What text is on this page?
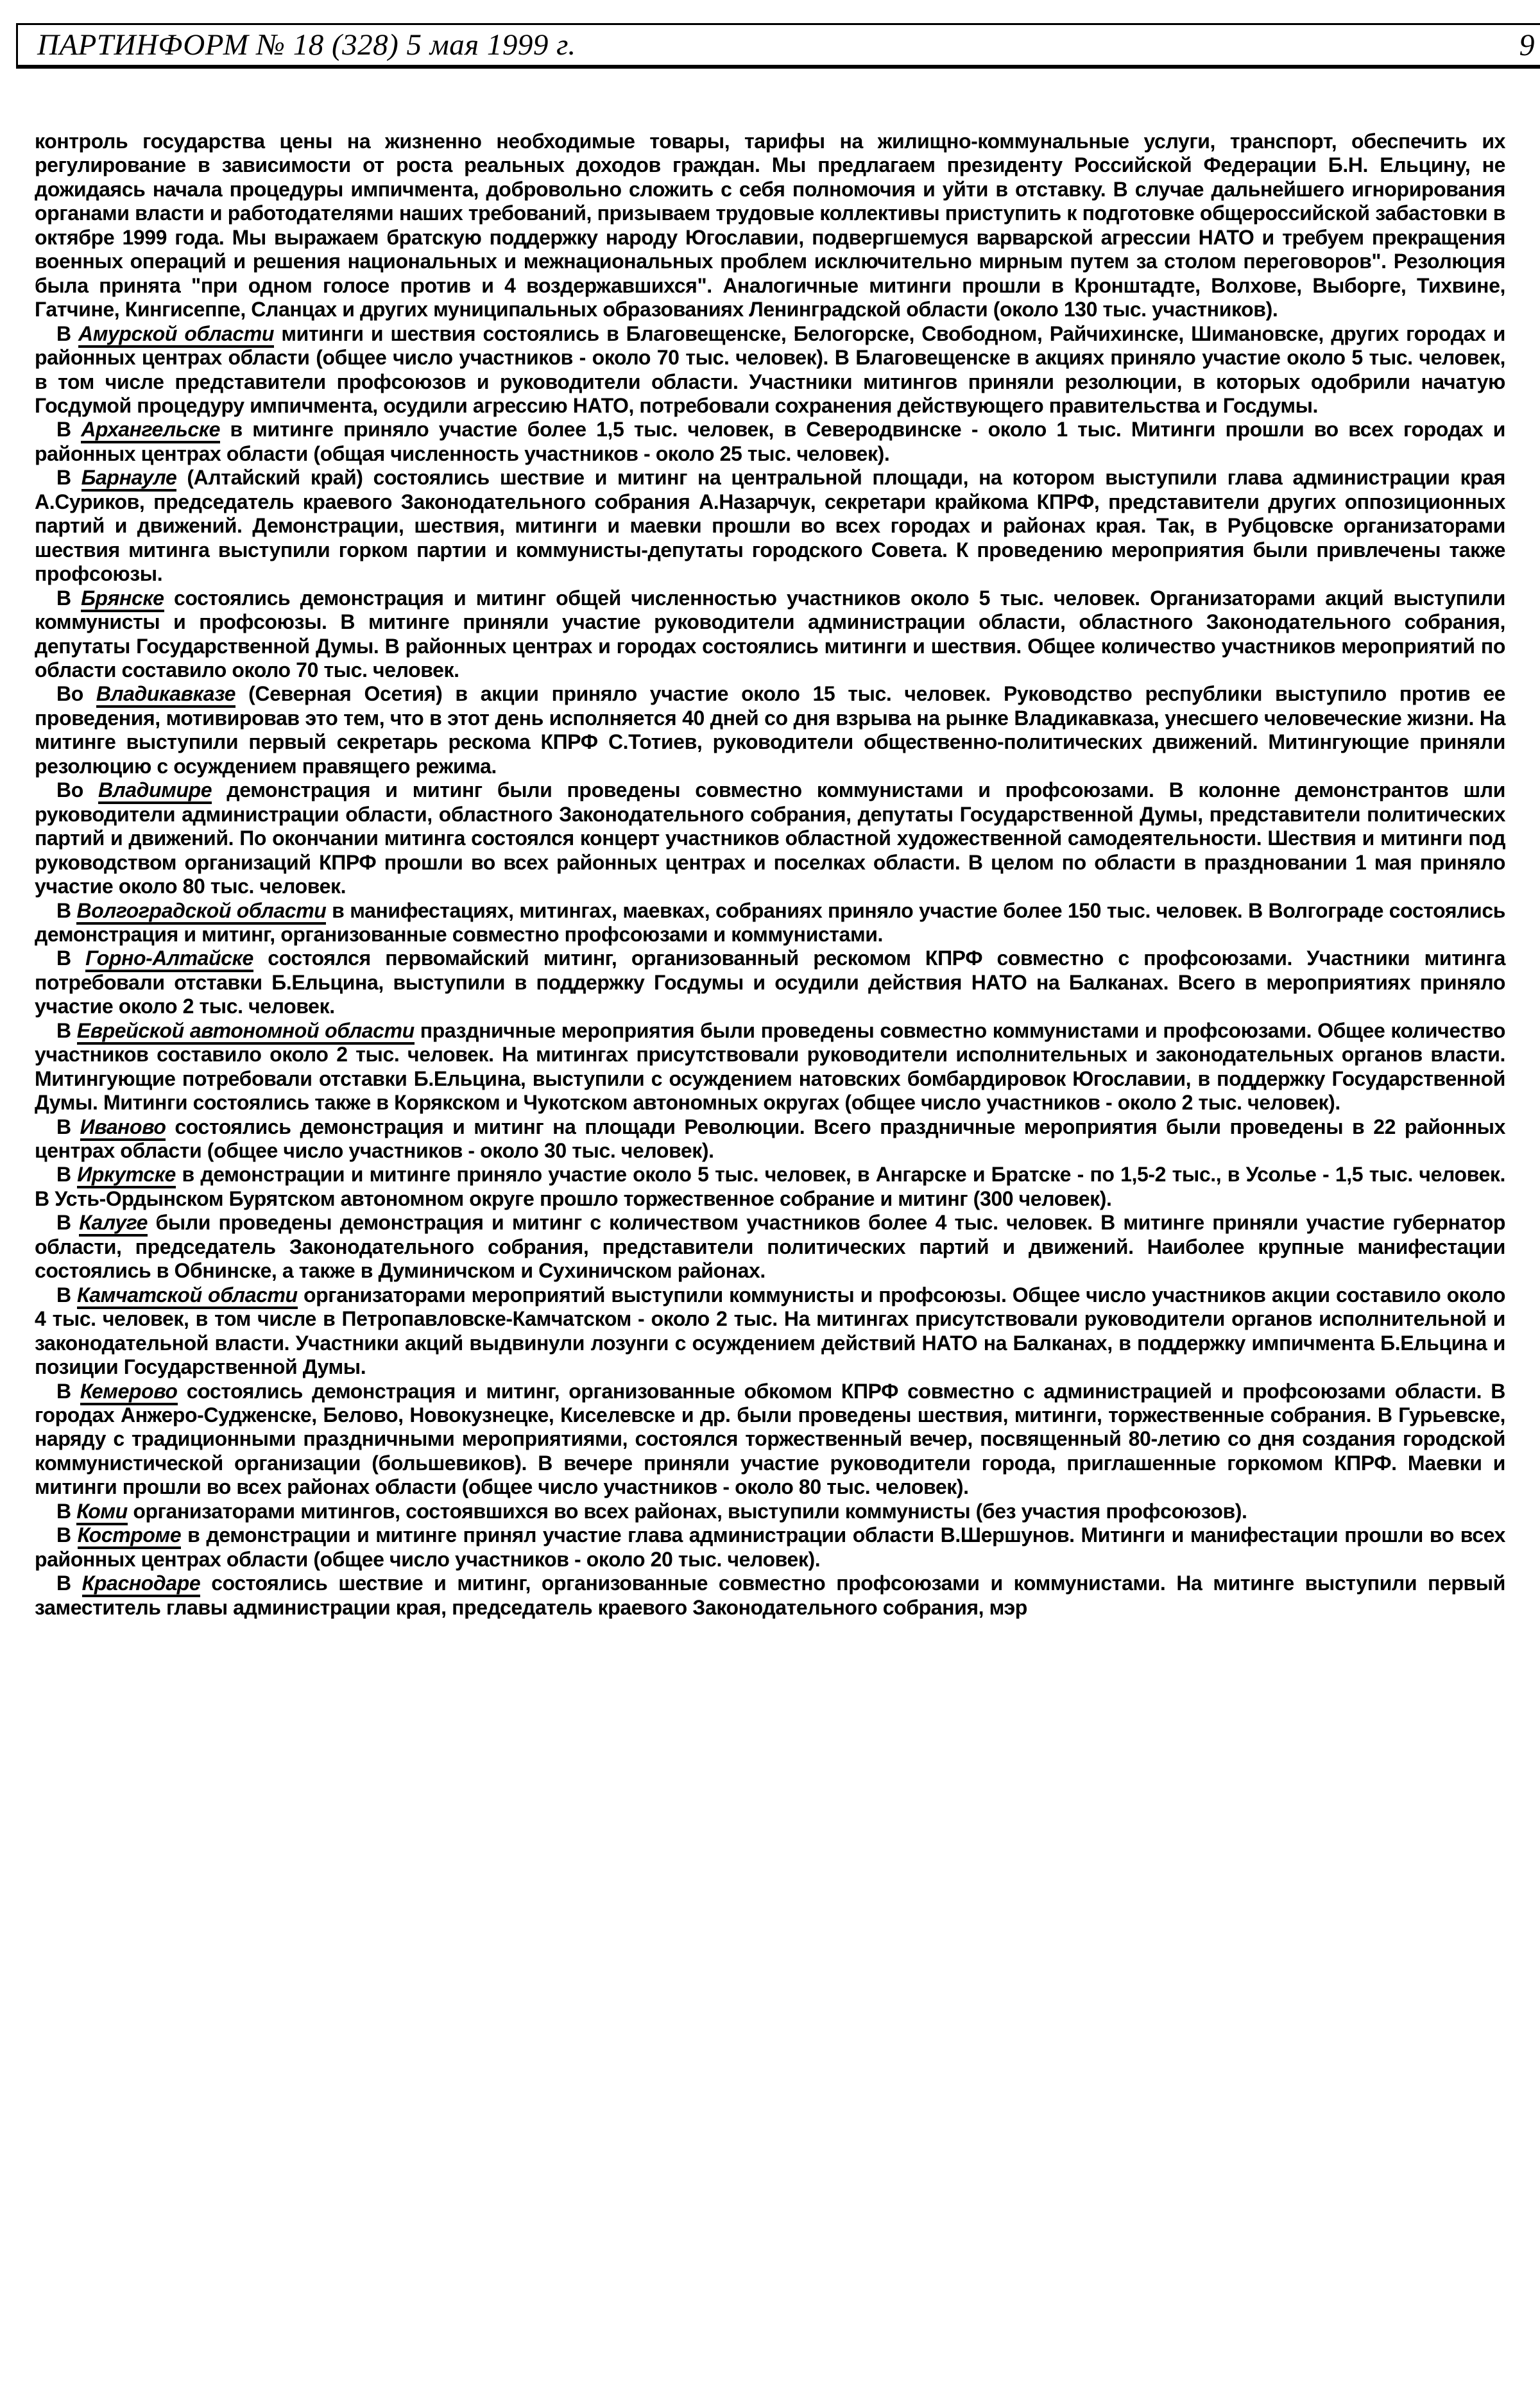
ПАРТИНФОРМ № 18 (328) 5 мая 1999 г.	9

контроль государства цены на жизненно необходимые товары, тарифы на жилищно-коммунальные услуги, транспорт, обеспечить их регулирование в зависимости от роста реальных доходов граждан. Мы предлагаем президенту Российской Федерации Б.Н. Ельцину, не дожидаясь начала процедуры импичмента, добровольно сложить с себя полномочия и уйти в отставку. В случае дальнейшего игнорирования органами власти и работодателями наших требований, призываем трудовые коллективы приступить к подготовке общероссийской забастовки в октябре 1999 года. Мы выражаем братскую поддержку народу Югославии, подвергшемуся варварской агрессии НАТО и требуем прекращения военных операций и решения национальных и межнациональных проблем исключительно мирным путем за столом переговоров". Резолюция была принята "при одном голосе против и 4 воздержавшихся". Аналогичные митинги прошли в Кронштадте, Волхове, Выборге, Тихвине, Гатчине, Кингисеппе, Сланцах и других муниципальных образованиях Ленинградской области (около 130 тыс. участников).

В Амурской области митинги и шествия состоялись в Благовещенске, Белогорске, Свободном, Райчихинске, Шимановске, других городах и районных центрах области (общее число участников - около 70 тыс. человек). В Благовещенске в акциях приняло участие около 5 тыс. человек, в том числе представители профсоюзов и руководители области. Участники митингов приняли резолюции, в которых одобрили начатую Госдумой процедуру импичмента, осудили агрессию НАТО, потребовали сохранения действующего правительства и Госдумы.

В Архангельске в митинге приняло участие более 1,5 тыс. человек, в Северодвинске - около 1 тыс. Митинги прошли во всех городах и районных центрах области (общая численность участников - около 25 тыс. человек).

В Барнауле (Алтайский край) состоялись шествие и митинг на центральной площади, на котором выступили глава администрации края А.Суриков, председатель краевого Законодательного собрания А.Назарчук, секретари крайкома КПРФ, представители других оппозиционных партий и движений. Демонстрации, шествия, митинги и маевки прошли во всех городах и районах края. Так, в Рубцовске организаторами шествия митинга выступили горком партии и коммунисты-депутаты городского Совета. К проведению мероприятия были привлечены также профсоюзы.

В Брянске состоялись демонстрация и митинг общей численностью участников около 5 тыс. человек. Организаторами акций выступили коммунисты и профсоюзы. В митинге приняли участие руководители администрации области, областного Законодательного собрания, депутаты Государственной Думы. В районных центрах и городах состоялись митинги и шествия. Общее количество участников мероприятий по области составило около 70 тыс. человек.

Во Владикавказе (Северная Осетия) в акции приняло участие около 15 тыс. человек. Руководство республики выступило против ее проведения, мотивировав это тем, что в этот день исполняется 40 дней со дня взрыва на рынке Владикавказа, унесшего человеческие жизни. На митинге выступили первый секретарь рескома КПРФ С.Тотиев, руководители общественно-политических движений. Митингующие приняли резолюцию с осуждением правящего режима.

Во Владимире демонстрация и митинг были проведены совместно коммунистами и профсоюзами. В колонне демонстрантов шли руководители администрации области, областного Законодательного собрания, депутаты Государственной Думы, представители политических партий и движений. По окончании митинга состоялся концерт участников областной художественной самодеятельности. Шествия и митинги под руководством организаций КПРФ прошли во всех районных центрах и поселках области. В целом по области в праздновании 1 мая приняло участие около 80 тыс. человек.

В Волгоградской области в манифестациях, митингах, маевках, собраниях приняло участие более 150 тыс. человек. В Волгограде состоялись демонстрация и митинг, организованные совместно профсоюзами и коммунистами.

В Горно-Алтайске состоялся первомайский митинг, организованный рескомом КПРФ совместно с профсоюзами. Участники митинга потребовали отставки Б.Ельцина, выступили в поддержку Госдумы и осудили действия НАТО на Балканах. Всего в мероприятиях приняло участие около 2 тыс. человек.

В Еврейской автономной области праздничные мероприятия были проведены совместно коммунистами и профсоюзами. Общее количество участников составило около 2 тыс. человек. На митингах присутствовали руководители исполнительных и законодательных органов власти. Митингующие потребовали отставки Б.Ельцина, выступили с осуждением натовских бомбардировок Югославии, в поддержку Государственной Думы. Митинги состоялись также в Корякском и Чукотском автономных округах (общее число участников - около 2 тыс. человек).

В Иваново состоялись демонстрация и митинг на площади Революции. Всего праздничные мероприятия были проведены в 22 районных центрах области (общее число участников - около 30 тыс. человек).

В Иркутске в демонстрации и митинге приняло участие около 5 тыс. человек, в Ангарске и Братске - по 1,5-2 тыс., в Усолье - 1,5 тыс. человек. В Усть-Ордынском Бурятском автономном округе прошло торжественное собрание и митинг (300 человек).

В Калуге были проведены демонстрация и митинг с количеством участников более 4 тыс. человек. В митинге приняли участие губернатор области, председатель Законодательного собрания, представители политических партий и движений. Наиболее крупные манифестации состоялись в Обнинске, а также в Думиничском и Сухиничском районах.

В Камчатской области организаторами мероприятий выступили коммунисты и профсоюзы. Общее число участников акции составило около 4 тыс. человек, в том числе в Петропавловске-Камчатском - около 2 тыс. На митингах присутствовали руководители органов исполнительной и законодательной власти. Участники акций выдвинули лозунги с осуждением действий НАТО на Балканах, в поддержку импичмента Б.Ельцина и позиции Государственной Думы.

В Кемерово состоялись демонстрация и митинг, организованные обкомом КПРФ совместно с администрацией и профсоюзами области. В городах Анжеро-Судженске, Белово, Новокузнецке, Киселевске и др. были проведены шествия, митинги, торжественные собрания. В Гурьевске, наряду с традиционными праздничными мероприятиями, состоялся торжественный вечер, посвященный 80-летию со дня создания городской коммунистической организации (большевиков). В вечере приняли участие руководители города, приглашенные горкомом КПРФ. Маевки и митинги прошли во всех районах области (общее число участников - около 80 тыс. человек).

В Коми организаторами митингов, состоявшихся во всех районах, выступили коммунисты (без участия профсоюзов).

В Костроме в демонстрации и митинге принял участие глава администрации области В.Шершунов. Митинги и манифестации прошли во всех районных центрах области (общее число участников - около 20 тыс. человек).

В Краснодаре состоялись шествие и митинг, организованные совместно профсоюзами и коммунистами. На митинге выступили первый заместитель главы администрации края, председатель краевого Законодательного собрания, мэр
